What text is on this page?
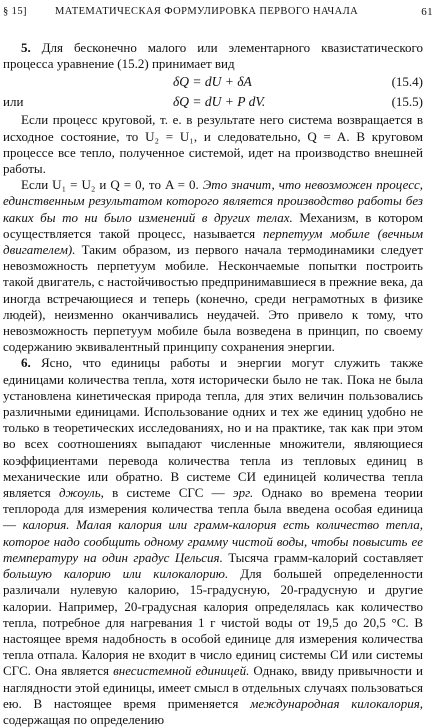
§ 15]	МАТЕМАТИЧЕСКАЯ ФОРМУЛИРОВКА ПЕРВОГО НАЧАЛА	61

5. Для бесконечно малого или элементарного квазистатического процесса уравнение (15.2) принимает вид

δQ = dU + δA	(15.4)
или	δQ = dU + P dV.	(15.5)

Если процесс круговой, т. е. в результате него система возвращается в исходное состояние, то U₂ = U₁, и следовательно, Q = A. В круговом процессе все тепло, полученное системой, идет на производство внешней работы.

Если U₁ = U₂ и Q = 0, то A = 0. Это значит, что невозможен процесс, единственным результатом которого является производство работы без каких бы то ни было изменений в других телах. Механизм, в котором осуществляется такой процесс, называется перпетуум мобиле (вечным двигателем). Таким образом, из первого начала термодинамики следует невозможность перпетуум мобиле. Нескончаемые попытки построить такой двигатель, с настойчивостью предпринимавшиеся в прежние века, да иногда встречающиеся и теперь (конечно, среди неграмотных в физике людей), неизменно оканчивались неудачей. Это привело к тому, что невозможность перпетуум мобиле была возведена в принцип, по своему содержанию эквивалентный принципу сохранения энергии.

6. Ясно, что единицы работы и энергии могут служить также единицами количества тепла, хотя исторически было не так. Пока не была установлена кинетическая природа тепла, для этих величин пользовались различными единицами. Использование одних и тех же единиц удобно не только в теоретических исследованиях, но и на практике, так как при этом во всех соотношениях выпадают численные множители, являющиеся коэффициентами перевода количества тепла из тепловых единиц в механические или обратно. В системе СИ единицей количества тепла является джоуль, в системе СГС — эрг. Однако во времена теории теплорода для измерения количества тепла была введена особая единица — калория. Малая калория или грамм-калория есть количество тепла, которое надо сообщить одному грамму чистой воды, чтобы повысить ее температуру на один градус Цельсия. Тысяча грамм-калорий составляет большую калорию или килокалорию. Для большей определенности различали нулевую калорию, 15-градусную, 20-градусную и другие калории. Например, 20-градусная калория определялась как количество тепла, потребное для нагревания 1 г чистой воды от 19,5 до 20,5 °С. В настоящее время надобность в особой единице для измерения количества тепла отпала. Калория не входит в число единиц системы СИ или системы СГС. Она является внесистемной единицей. Однако, ввиду привычности и наглядности этой единицы, имеет смысл в отдельных случаях пользоваться ею. В настоящее время применяется международная килокалория, содержащая по определению
